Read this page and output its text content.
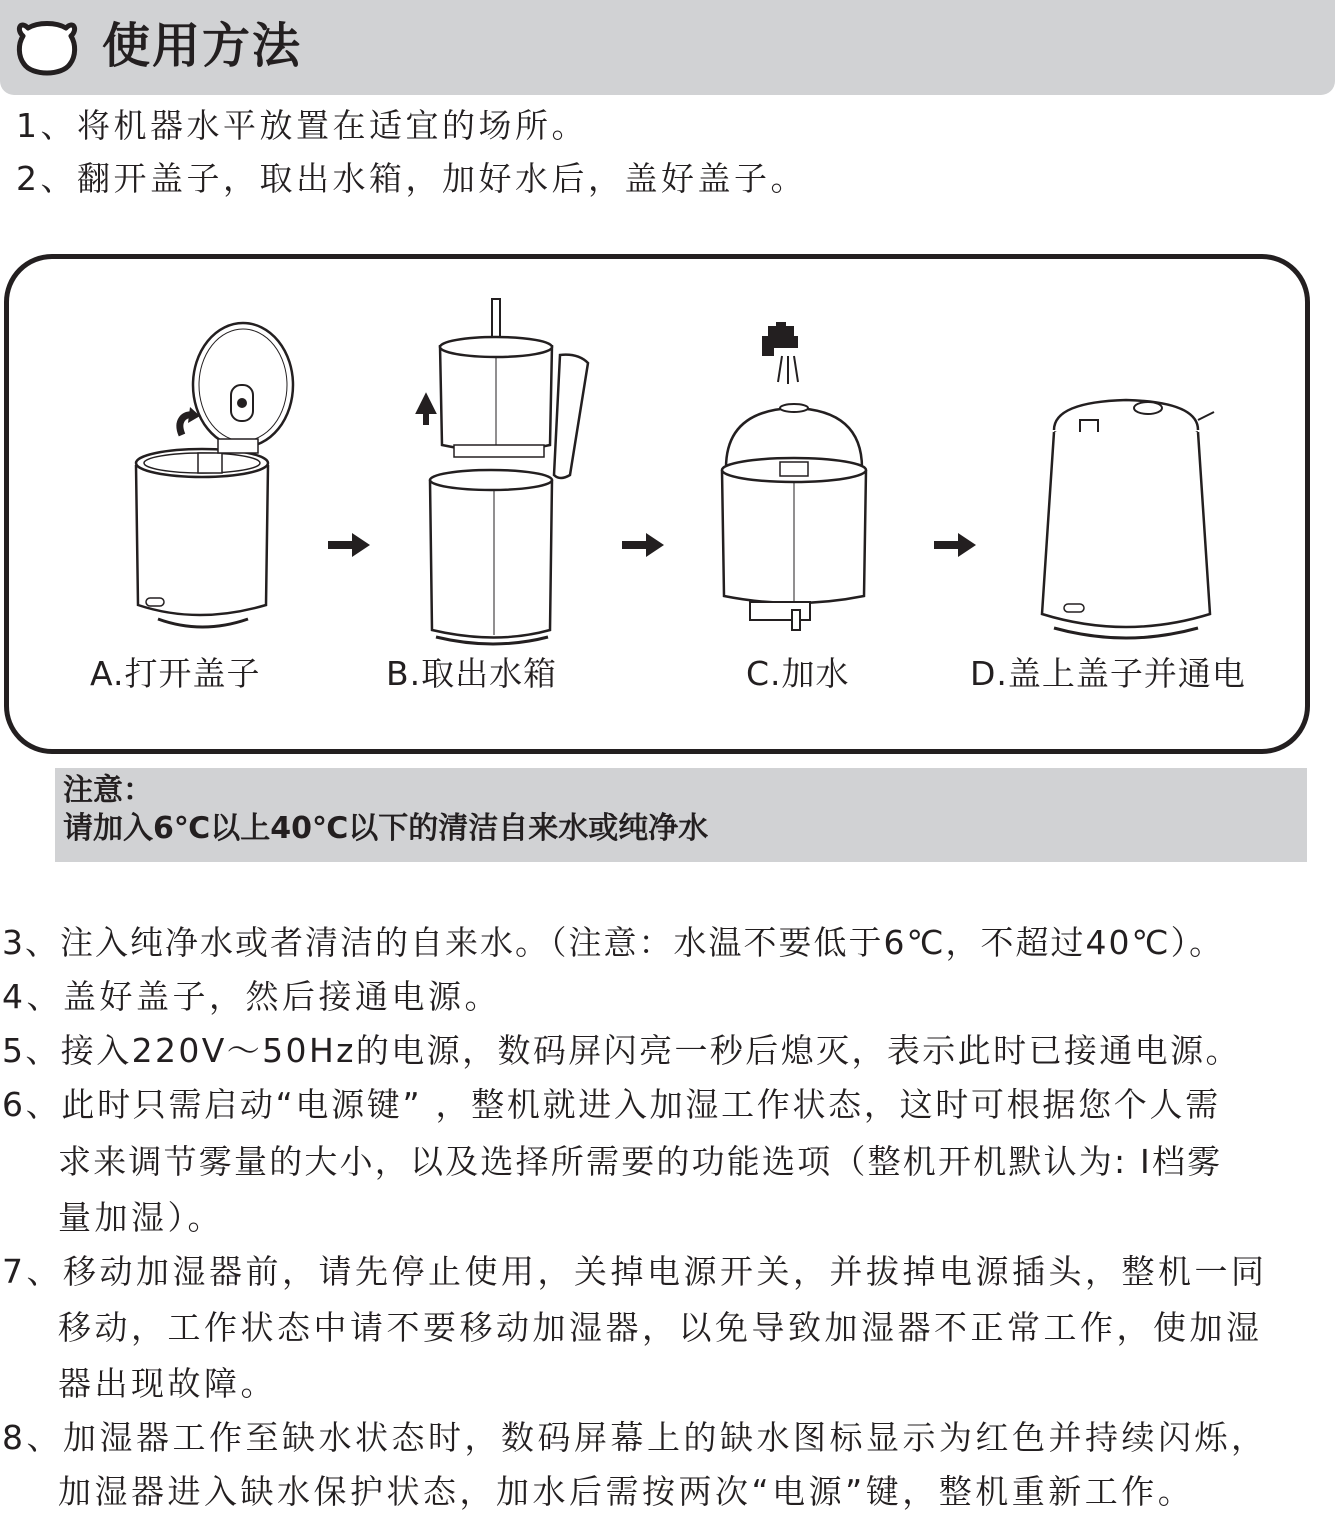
使用方法
1、将机器水平放置在适宜的场所。
2、翻开盖子，取出水箱，加好水后，盖好盖子。
A.打开盖子	B.取出水箱	C.加水	D.盖上盖子并通电
注意：
请加入6℃以上40℃以下的清洁自来水或纯净水
3、注入纯净水或者清洁的自来水。（注意：水温不要低于6℃，不超过40℃）。
4、盖好盖子，然后接通电源。
5、接入220V～50Hz的电源，数码屏闪亮一秒后熄灭，表示此时已接通电源。
6、此时只需启动“电源键” ，整机就进入加湿工作状态，这时可根据您个人需
求来调节雾量的大小，以及选择所需要的功能选项（整机开机默认为: Ⅰ档雾
量加湿）。
7、移动加湿器前，请先停止使用，关掉电源开关，并拔掉电源插头，整机一同
移动，工作状态中请不要移动加湿器，以免导致加湿器不正常工作，使加湿
器出现故障。
8、加湿器工作至缺水状态时，数码屏幕上的缺水图标显示为红色并持续闪烁，
加湿器进入缺水保护状态，加水后需按两次“电源”键，整机重新工作。
